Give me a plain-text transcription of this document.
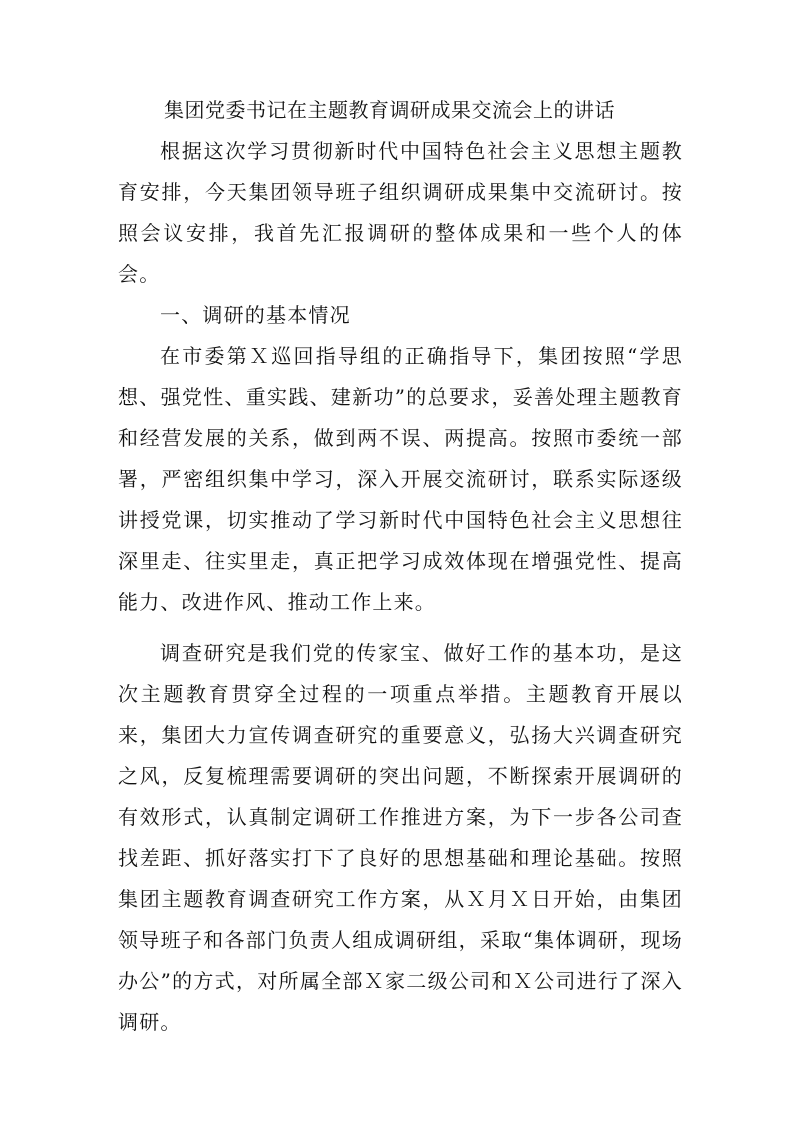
集团党委书记在主题教育调研成果交流会上的讲话

根据这次学习贯彻新时代中国特色社会主义思想主题教育安排，今天集团领导班子组织调研成果集中交流研讨。按照会议安排，我首先汇报调研的整体成果和一些个人的体会。

一、调研的基本情况

在市委第Ｘ巡回指导组的正确指导下，集团按照“学思想、强党性、重实践、建新功”的总要求，妥善处理主题教育和经营发展的关系，做到两不误、两提高。按照市委统一部署，严密组织集中学习，深入开展交流研讨，联系实际逐级讲授党课，切实推动了学习新时代中国特色社会主义思想往深里走、往实里走，真正把学习成效体现在增强党性、提高能力、改进作风、推动工作上来。

调查研究是我们党的传家宝、做好工作的基本功，是这次主题教育贯穿全过程的一项重点举措。主题教育开展以来，集团大力宣传调查研究的重要意义，弘扬大兴调查研究之风，反复梳理需要调研的突出问题，不断探索开展调研的有效形式，认真制定调研工作推进方案，为下一步各公司查找差距、抓好落实打下了良好的思想基础和理论基础。按照集团主题教育调查研究工作方案，从Ｘ月Ｘ日开始，由集团领导班子和各部门负责人组成调研组，采取“集体调研，现场办公”的方式，对所属全部Ｘ家二级公司和Ｘ公司进行了深入调研。
